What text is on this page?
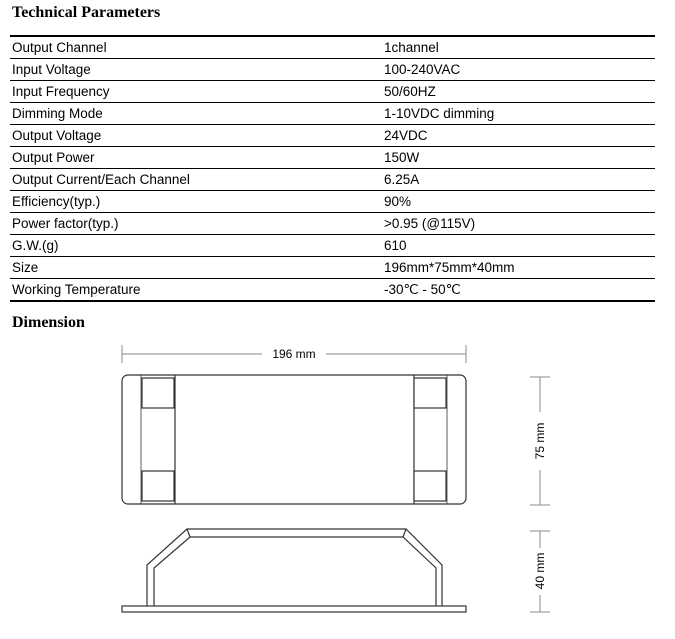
Technical Parameters
Output Channel	1channel
Input Voltage	100-240VAC
Input Frequency	50/60HZ
Dimming Mode	1-10VDC dimming
Output Voltage	24VDC
Output Power	150W
Output Current/Each Channel	6.25A
Efficiency(typ.)	90%
Power factor(typ.)	>0.95 (@115V)
G.W.(g)	610
Size	196mm*75mm*40mm
Working Temperature	-30℃ - 50℃
Dimension
196 mm
75 mm
40 mm
